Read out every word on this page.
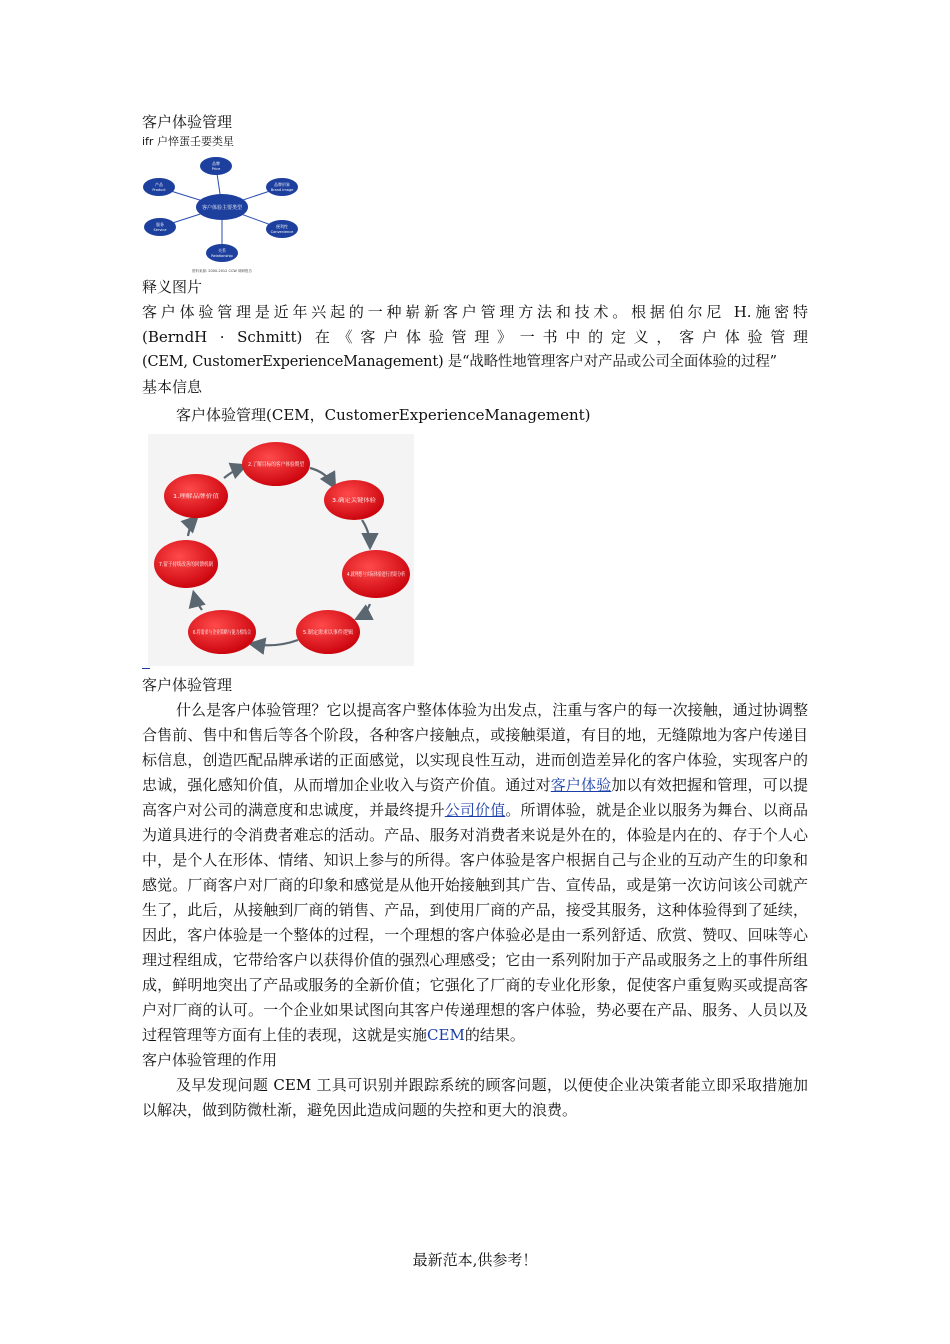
客户体验管理
ifr 户悴蛋壬要类星
客户体验主要类型
品牌
Price
品牌形象
Brand Image
便利性
Convenience
关系
Relationship
服务
Service
产品
Product
资料来源: 2000-2012 CCW 调研报告
释义图片
客户体验管理是近年兴起的一种崭新客户管理方法和技术。根据伯尔尼 H.施密特
(BerndH · Schmitt) 在《客户体验管理》一书中的定义，客户体验管理
(CEM, CustomerExperienceManagement) 是“战略性地管理客户对产品或公司全面体验的过程”
基本信息
客户体验管理(CEM，CustomerExperienceManagement)
2.了解目标的客户体验期望
3.确定关键体验
4.就理想与实际体验进行差距分析
5.制定需求以事件逻辑
6.将需求与企业策略与能力相结合
7.留于持续改善的回馈机制
1.理解品牌价值
客户体验管理
什么是客户体验管理？它以提高客户整体体验为出发点，注重与客户的每一次接触，通过协调整合售前、售中和售后等各个阶段，各种客户接触点，或接触渠道，有目的地，无缝隙地为客户传递目标信息，创造匹配品牌承诺的正面感觉，以实现良性互动，进而创造差异化的客户体验，实现客户的忠诚，强化感知价值，从而增加企业收入与资产价值。通过对客户体验加以有效把握和管理，可以提高客户对公司的满意度和忠诚度，并最终提升公司价值。所谓体验，就是企业以服务为舞台、以商品为道具进行的令消费者难忘的活动。产品、服务对消费者来说是外在的，体验是内在的、存于个人心中，是个人在形体、情绪、知识上参与的所得。客户体验是客户根据自己与企业的互动产生的印象和感觉。厂商客户对厂商的印象和感觉是从他开始接触到其广告、宣传品，或是第一次访问该公司就产生了，此后，从接触到厂商的销售、产品，到使用厂商的产品，接受其服务，这种体验得到了延续，因此，客户体验是一个整体的过程，一个理想的客户体验必是由一系列舒适、欣赏、赞叹、回味等心理过程组成，它带给客户以获得价值的强烈心理感受；它由一系列附加于产品或服务之上的事件所组成，鲜明地突出了产品或服务的全新价值；它强化了厂商的专业化形象，促使客户重复购买或提高客户对厂商的认可。一个企业如果试图向其客户传递理想的客户体验，势必要在产品、服务、人员以及过程管理等方面有上佳的表现，这就是实施CEM的结果。
客户体验管理的作用
及早发现问题 CEM 工具可识别并跟踪系统的顾客问题，以便使企业决策者能立即采取措施加以解决，做到防微杜渐，避免因此造成问题的失控和更大的浪费。
最新范本,供参考！
